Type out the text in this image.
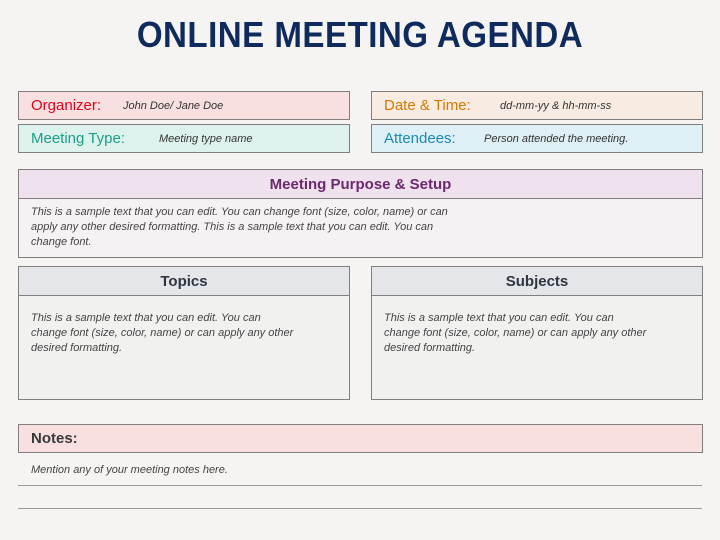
ONLINE MEETING AGENDA
Organizer:	John Doe/ Jane Doe	Date & Time:	dd-mm-yy & hh-mm-ss
Meeting Type:	Meeting type name	Attendees:	Person attended the meeting.
Meeting Purpose & Setup
This is a sample text that you can edit. You can change font (size, color, name) or can apply any other desired formatting. This is a sample text that you can edit. You can change font.
Topics
This is a sample text that you can edit. You can change font (size, color, name) or can apply any other desired formatting.
Subjects
This is a sample text that you can edit. You can change font (size, color, name) or can apply any other desired formatting.
Notes:
Mention any of your meeting notes here.
